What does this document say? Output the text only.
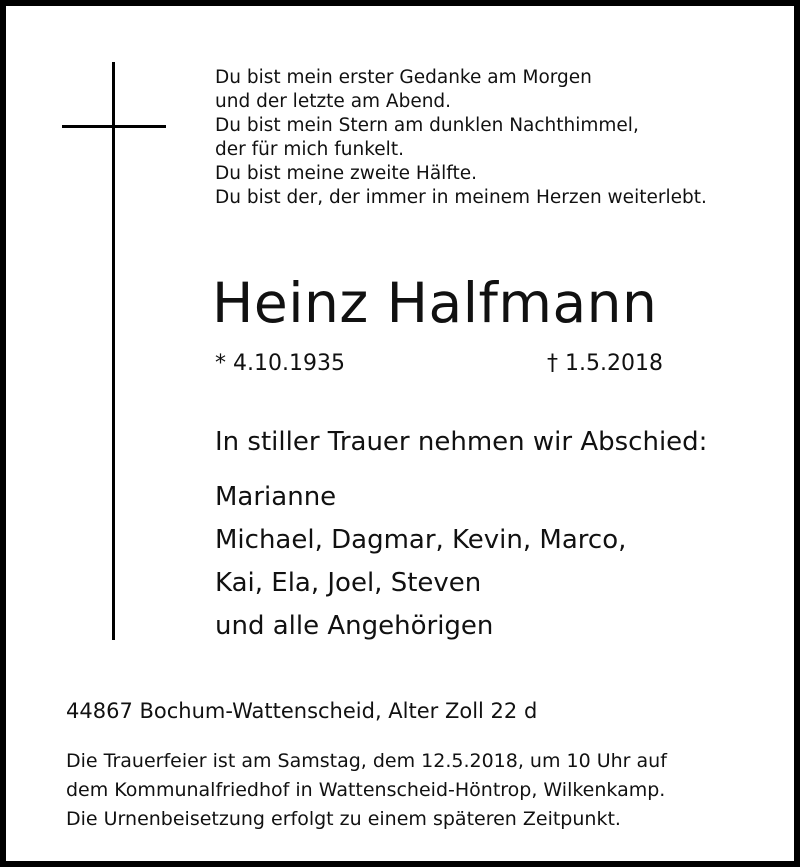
Du bist mein erster Gedanke am Morgen
und der letzte am Abend.
Du bist mein Stern am dunklen Nachthimmel,
der für mich funkelt.
Du bist meine zweite Hälfte.
Du bist der, der immer in meinem Herzen weiterlebt.
Heinz Halfmann
* 4.10.1935	† 1.5.2018
In stiller Trauer nehmen wir Abschied:
Marianne
Michael, Dagmar, Kevin, Marco,
Kai, Ela, Joel, Steven
und alle Angehörigen
44867 Bochum-Wattenscheid, Alter Zoll 22 d
Die Trauerfeier ist am Samstag, dem 12.5.2018, um 10 Uhr auf
dem Kommunalfriedhof in Wattenscheid-Höntrop, Wilkenkamp.
Die Urnenbeisetzung erfolgt zu einem späteren Zeitpunkt.
